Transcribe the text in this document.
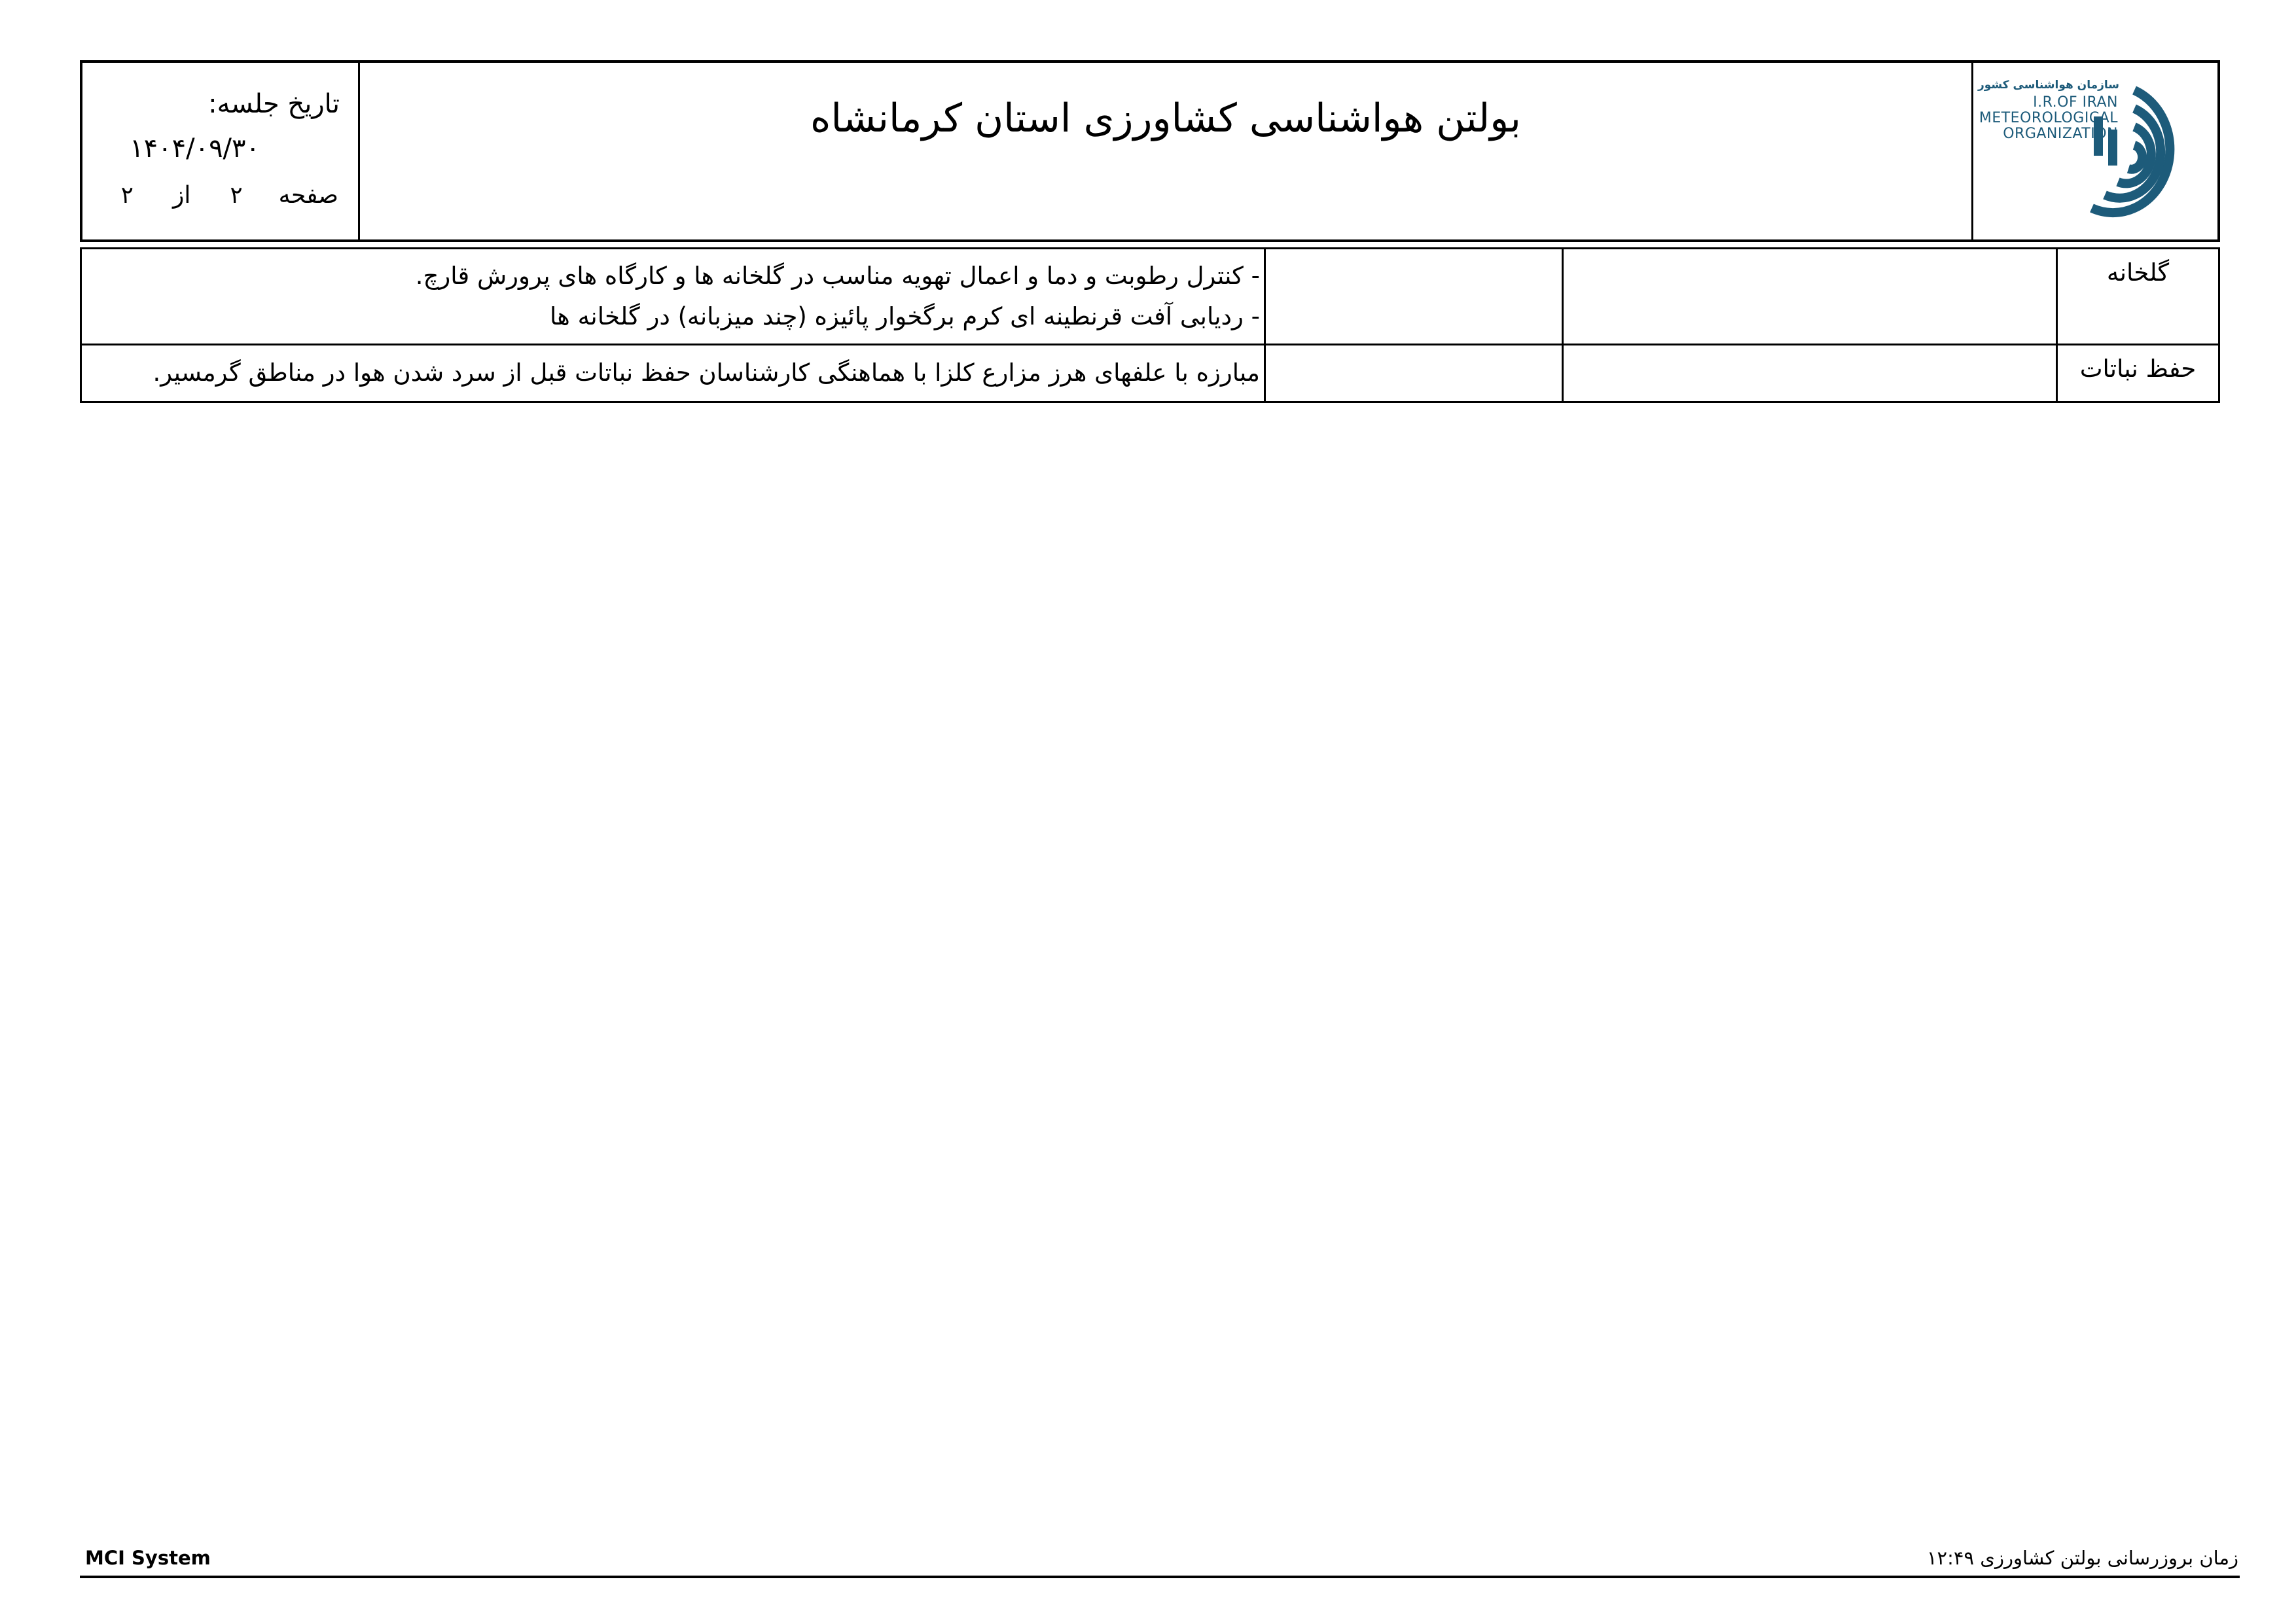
سازمان هواشناسی کشور
I.R.OF IRAN
METEOROLOGICAL
ORGANIZATION
بولتن هواشناسی کشاورزی استان کرمانشاه
تاریخ جلسه:
۱۴۰۴/۰۹/۳۰
صفحه
۲
از
۲
گلخانه			- کنترل رطوبت و دما و اعمال تهویه مناسب در گلخانه ها و کارگاه های پرورش قارچ.
- ردیابی آفت قرنطینه ای کرم برگخوار پائیزه (چند میزبانه) در گلخانه ها

حفظ نباتات			مبارزه با علفهای هرز مزارع کلزا با هماهنگی کارشناسان حفظ نباتات قبل از سرد شدن هوا در مناطق گرمسیر.
MCI System	زمان بروزرسانی بولتن کشاورزی ۱۲:۴۹
